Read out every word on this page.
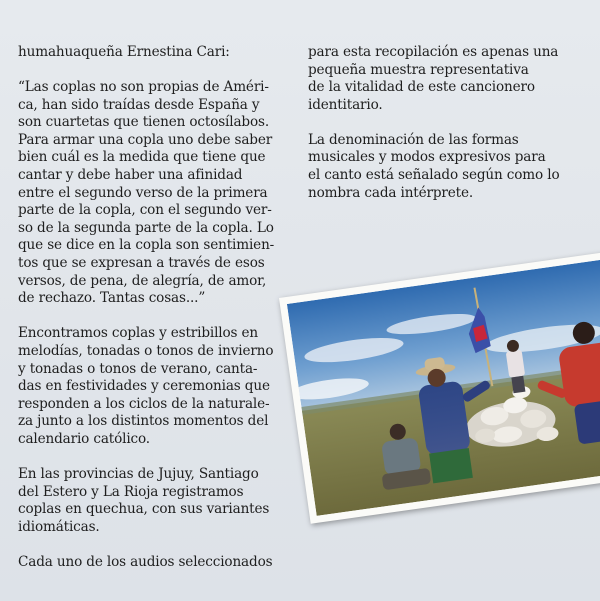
humahuaqueña Ernestina Cari:

“Las coplas no son propias de Améri-
ca, han sido traídas desde España y
son cuartetas que tienen octosílabos.
Para armar una copla uno debe saber
bien cuál es la medida que tiene que
cantar y debe haber una afinidad
entre el segundo verso de la primera
parte de la copla, con el segundo ver-
so de la segunda parte de la copla. Lo
que se dice en la copla son sentimien-
tos que se expresan a través de esos
versos, de pena, de alegría, de amor,
de rechazo. Tantas cosas...”

Encontramos coplas y estribillos en
melodías, tonadas o tonos de invierno
y tonadas o tonos de verano, canta-
das en festividades y ceremonias que
responden a los ciclos de la naturale-
za junto a los distintos momentos del
calendario católico.

En las provincias de Jujuy, Santiago
del Estero y La Rioja registramos
coplas en quechua, con sus variantes
idiomáticas.

Cada uno de los audios seleccionados

para esta recopilación es apenas una
pequeña muestra representativa
de la vitalidad de este cancionero
identitario.

La denominación de las formas
musicales y modos expresivos para
el canto está señalado según como lo
nombra cada intérprete.
